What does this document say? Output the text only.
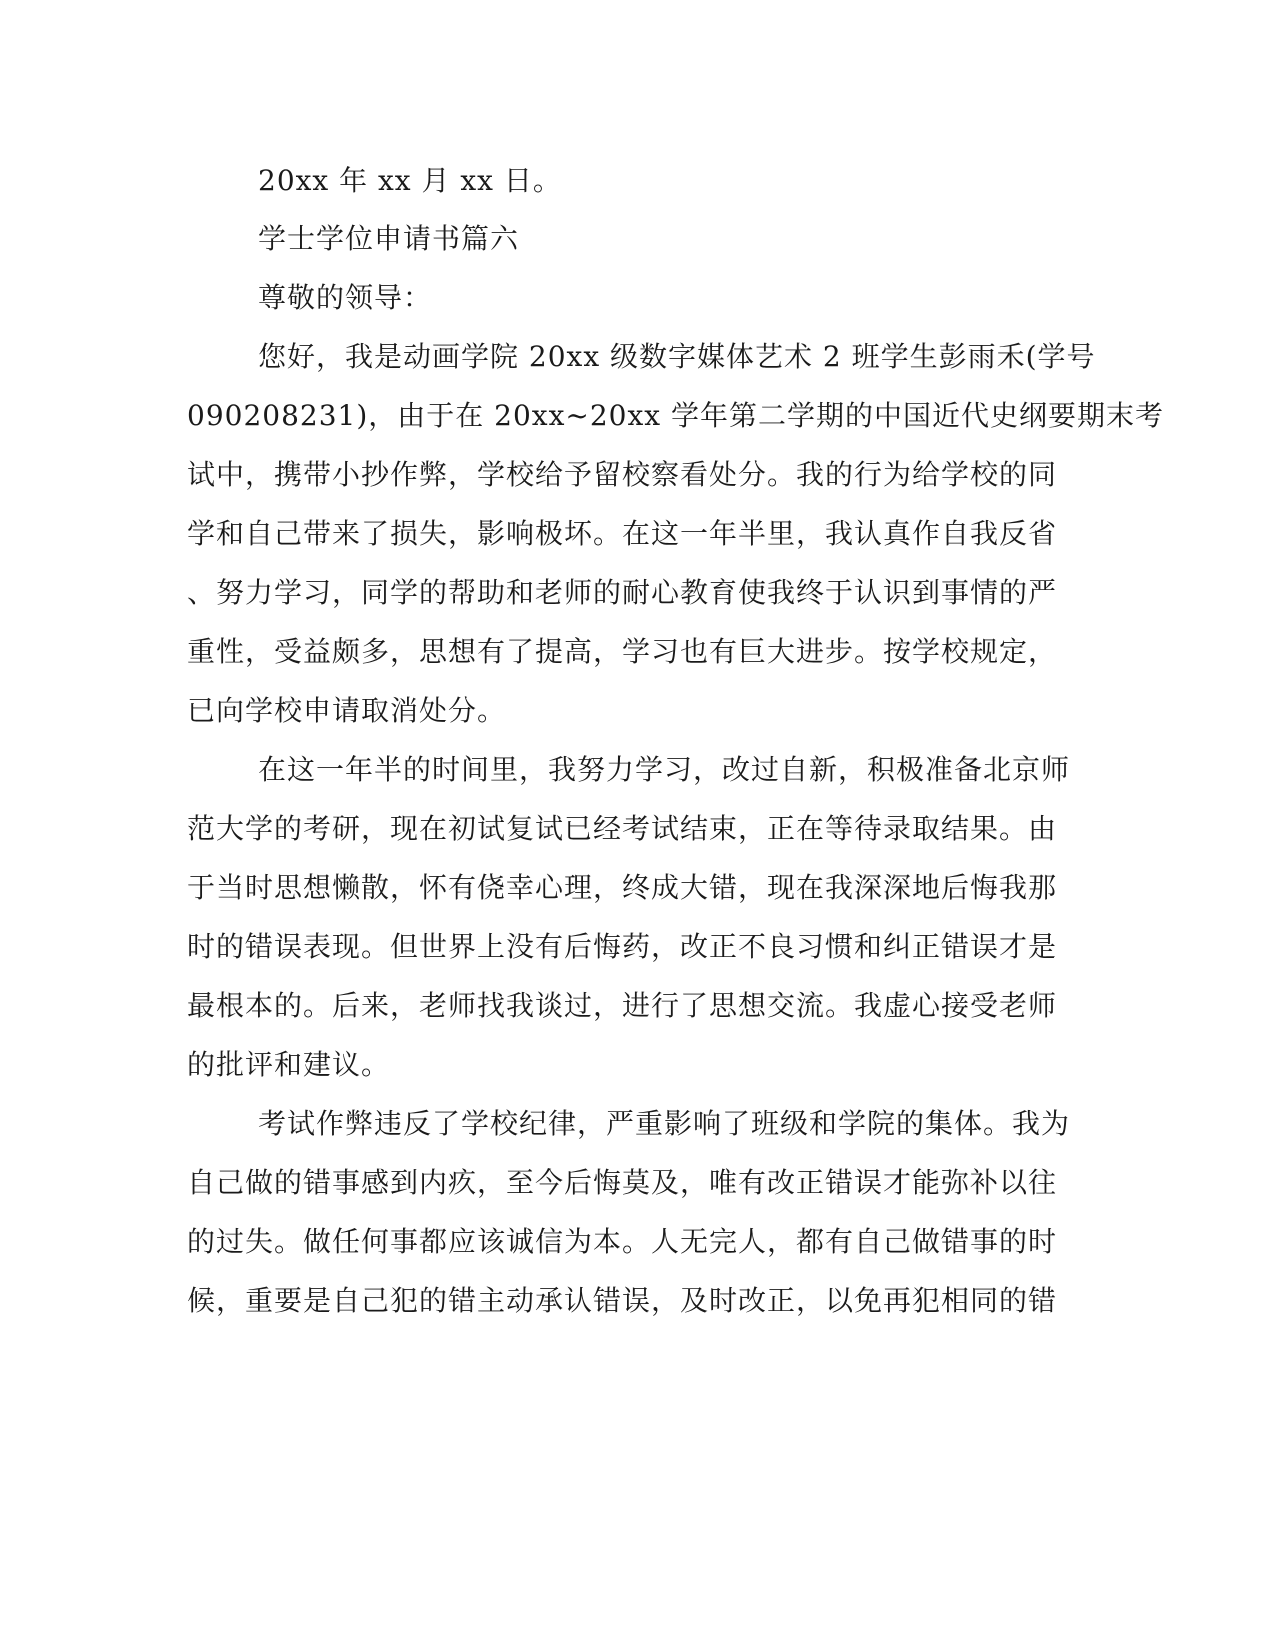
20xx 年 xx 月 xx 日。

学士学位申请书篇六

尊敬的领导：

您好，我是动画学院 20xx 级数字媒体艺术 2 班学生彭雨禾(学号

090208231)，由于在 20xx~20xx 学年第二学期的中国近代史纲要期末考

试中，携带小抄作弊，学校给予留校察看处分。我的行为给学校的同

学和自己带来了损失，影响极坏。在这一年半里，我认真作自我反省

、努力学习，同学的帮助和老师的耐心教育使我终于认识到事情的严

重性，受益颇多，思想有了提高，学习也有巨大进步。按学校规定，

已向学校申请取消处分。

在这一年半的时间里，我努力学习，改过自新，积极准备北京师

范大学的考研，现在初试复试已经考试结束，正在等待录取结果。由

于当时思想懒散，怀有侥幸心理，终成大错，现在我深深地后悔我那

时的错误表现。但世界上没有后悔药，改正不良习惯和纠正错误才是

最根本的。后来，老师找我谈过，进行了思想交流。我虚心接受老师

的批评和建议。

考试作弊违反了学校纪律，严重影响了班级和学院的集体。我为

自己做的错事感到内疚，至今后悔莫及，唯有改正错误才能弥补以往

的过失。做任何事都应该诚信为本。人无完人，都有自己做错事的时

候，重要是自己犯的错主动承认错误，及时改正，以免再犯相同的错
